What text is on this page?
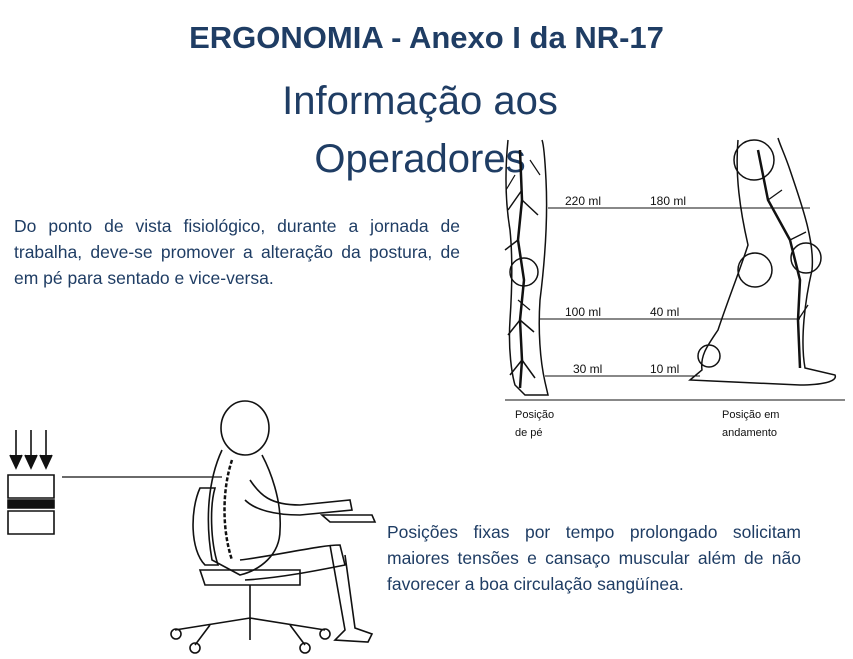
ERGONOMIA - Anexo I da NR-17
Informação aos Operadores
220 ml
100 ml
30 ml
180 ml
40 ml
10 ml
Posição
de pé
Posição em
andamento
Do ponto de vista fisiológico, durante a jornada de trabalha, deve-se promover a alteração da postura, de em pé para sentado e vice-versa.
Posições fixas por tempo prolongado solicitam maiores tensões e cansaço muscular além de não favorecer a boa circulação sangüínea.
